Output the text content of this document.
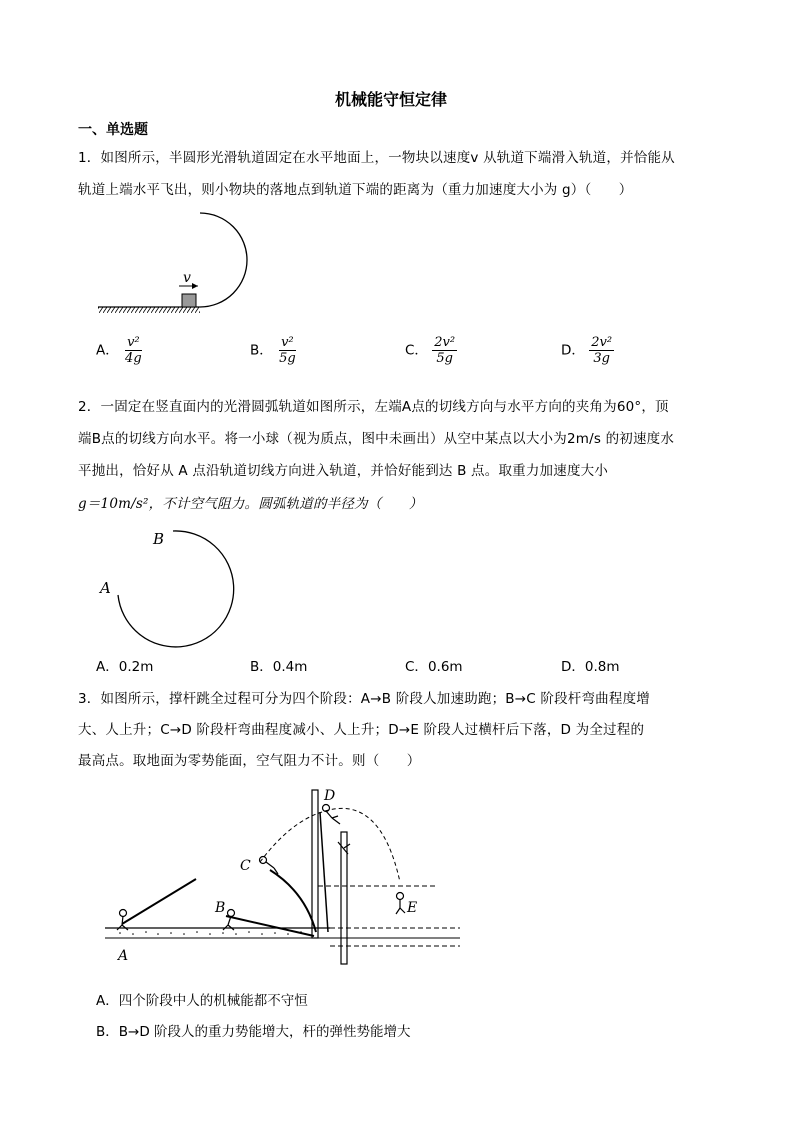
机械能守恒定律
一、单选题
1．如图所示，半圆形光滑轨道固定在水平地面上，一物块以速度v 从轨道下端滑入轨道，并恰能从
轨道上端水平飞出，则小物块的落地点到轨道下端的距离为（重力加速度大小为 g）（　　）
v
A． $\frac{\text{v²}}{4g}$	B． $\frac{\text{v²}}{5g}$	C． $\frac{\text{2v²}}{5g}$	D． $\frac{\text{2v²}}{3g}$
2．一固定在竖直面内的光滑圆弧轨道如图所示，左端A点的切线方向与水平方向的夹角为60°，顶
端B点的切线方向水平。将一小球（视为质点，图中未画出）从空中某点以大小为2m/s 的初速度水
平抛出，恰好从 A 点沿轨道切线方向进入轨道，并恰好能到达 B 点。取重力加速度大小
g＝10m/s²，不计空气阻力。圆弧轨道的半径为（　　）
B
A
A．0.2m	B．0.4m	C．0.6m	D．0.8m
3．如图所示，撑杆跳全过程可分为四个阶段：A→B 阶段人加速助跑；B→C 阶段杆弯曲程度增
大、人上升；C→D 阶段杆弯曲程度减小、人上升；D→E 阶段人过横杆后下落，D 为全过程的
最高点。取地面为零势能面，空气阻力不计。则（　　）
A
B
C
D
E
A．四个阶段中人的机械能都不守恒
B．B→D 阶段人的重力势能增大，杆的弹性势能增大
